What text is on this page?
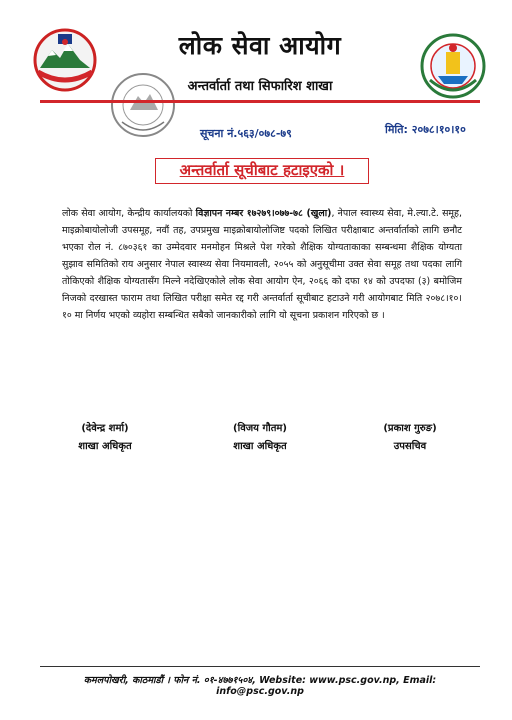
लोक सेवा आयोग
अन्तर्वार्ता तथा सिफारिश शाखा
सूचना नं.५६३/०७८-७९	मिति: २०७८।१०।१०
अन्तर्वार्ता सूचीबाट हटाइएको ।
लोक सेवा आयोग, केन्द्रीय कार्यालयको विज्ञापन नम्बर १७२७९।०७७-७८ (खुला), नेपाल स्वास्थ्य सेवा, मे.ल्या.टे. समूह, माइक्रोबायोलोजी उपसमूह, नवौं तह, उपप्रमुख माइक्रोबायोलोजिष्ट पदको लिखित परीक्षाबाट अन्तर्वार्ताको लागि छनौट भएका रोल नं. ८७०३६१ का उम्मेदवार मनमोहन मिश्रले पेश गरेको शैक्षिक योग्यताकाका सम्बन्धमा शैक्षिक योग्यता सुझाव समितिको राय अनुसार नेपाल स्वास्थ्य सेवा नियमावली, २०५५ को अनुसूचीमा उक्त सेवा समूह तथा पदका लागि तोकिएको शैक्षिक योग्यतासँग मिल्ने नदेखिएकोले लोक सेवा आयोग ऐन, २०६६ को दफा १४ को उपदफा (३) बमोजिम निजको दरखास्त फाराम तथा लिखित परीक्षा समेत रद्द गरी अन्तर्वार्ता सूचीबाट हटाउने गरी आयोगबाट मिति २०७८।१०।१० मा निर्णय भएको व्यहोरा सम्बन्धित सबैको जानकारीको लागि यो सूचना प्रकाशन गरिएको छ ।
(देवेन्द्र शर्मा)
शाखा अधिकृत
(विजय गौतम)
शाखा अधिकृत
(प्रकाश गुरुङ)
उपसचिव
कमलपोखरी, काठमाडौं । फोन नं. ०१-४७७१५०४, Website: www.psc.gov.np, Email: info@psc.gov.np
